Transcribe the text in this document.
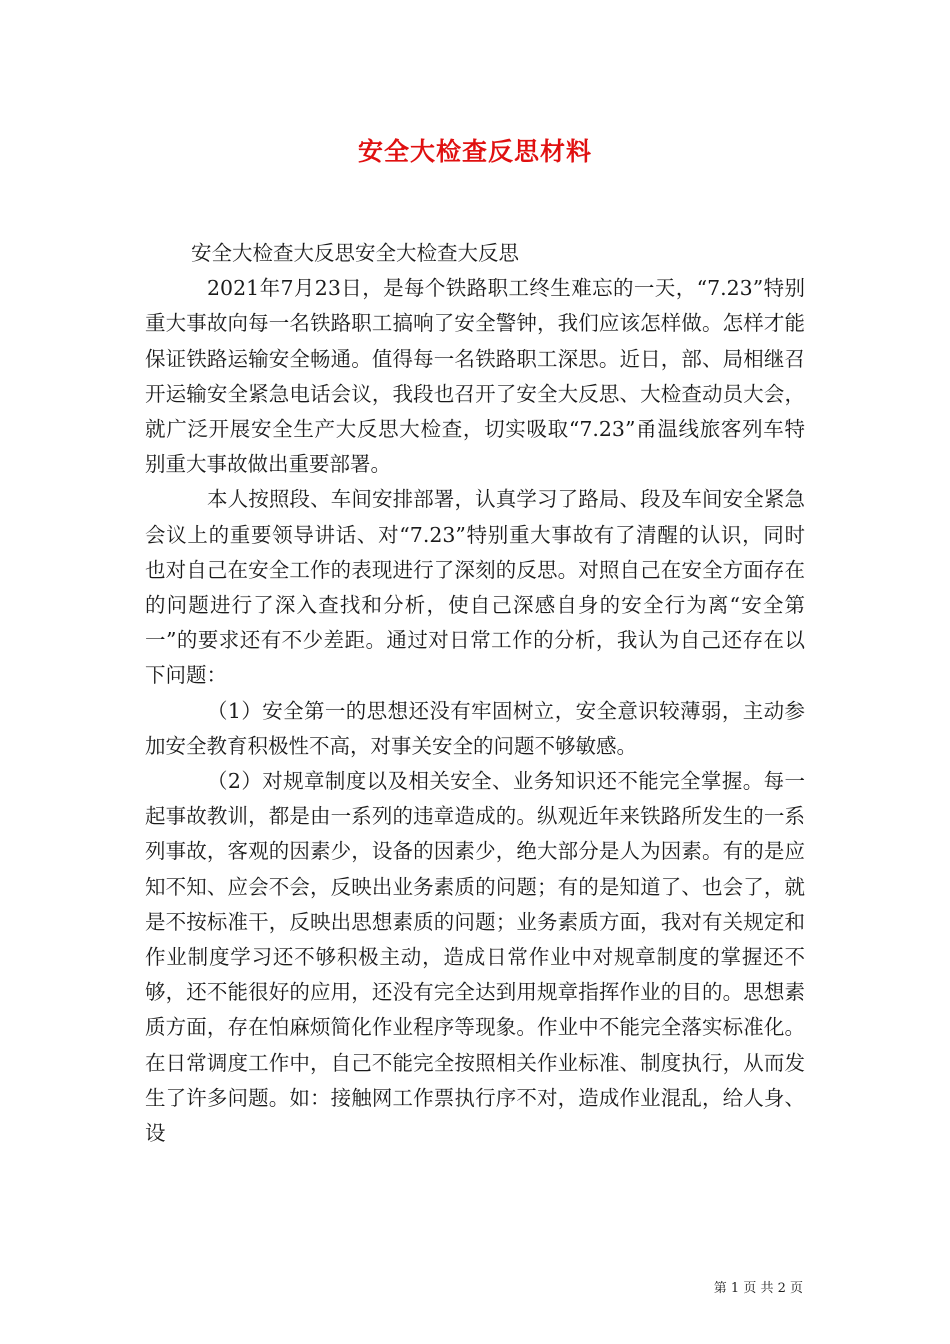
安全大检查反思材料

安全大检查大反思安全大检查大反思

2021年7月23日，是每个铁路职工终生难忘的一天，“7.23”特别重大事故向每一名铁路职工搞响了安全警钟，我们应该怎样做。怎样才能保证铁路运输安全畅通。值得每一名铁路职工深思。近日，部、局相继召开运输安全紧急电话会议，我段也召开了安全大反思、大检查动员大会，就广泛开展安全生产大反思大检查，切实吸取“7.23”甬温线旅客列车特别重大事故做出重要部署。

本人按照段、车间安排部署，认真学习了路局、段及车间安全紧急会议上的重要领导讲话、对“7.23”特别重大事故有了清醒的认识，同时也对自己在安全工作的表现进行了深刻的反思。对照自己在安全方面存在的问题进行了深入查找和分析，使自己深感自身的安全行为离“安全第一”的要求还有不少差距。通过对日常工作的分析，我认为自己还存在以下问题：

（1）安全第一的思想还没有牢固树立，安全意识较薄弱，主动参加安全教育积极性不高，对事关安全的问题不够敏感。

（2）对规章制度以及相关安全、业务知识还不能完全掌握。每一起事故教训，都是由一系列的违章造成的。纵观近年来铁路所发生的一系列事故，客观的因素少，设备的因素少，绝大部分是人为因素。有的是应知不知、应会不会，反映出业务素质的问题；有的是知道了、也会了，就是不按标准干，反映出思想素质的问题；业务素质方面，我对有关规定和作业制度学习还不够积极主动，造成日常作业中对规章制度的掌握还不够，还不能很好的应用，还没有完全达到用规章指挥作业的目的。思想素质方面，存在怕麻烦简化作业程序等现象。作业中不能完全落实标准化。在日常调度工作中，自己不能完全按照相关作业标准、制度执行，从而发生了许多问题。如：接触网工作票执行序不对，造成作业混乱，给人身、设

第 1 页 共 2 页
